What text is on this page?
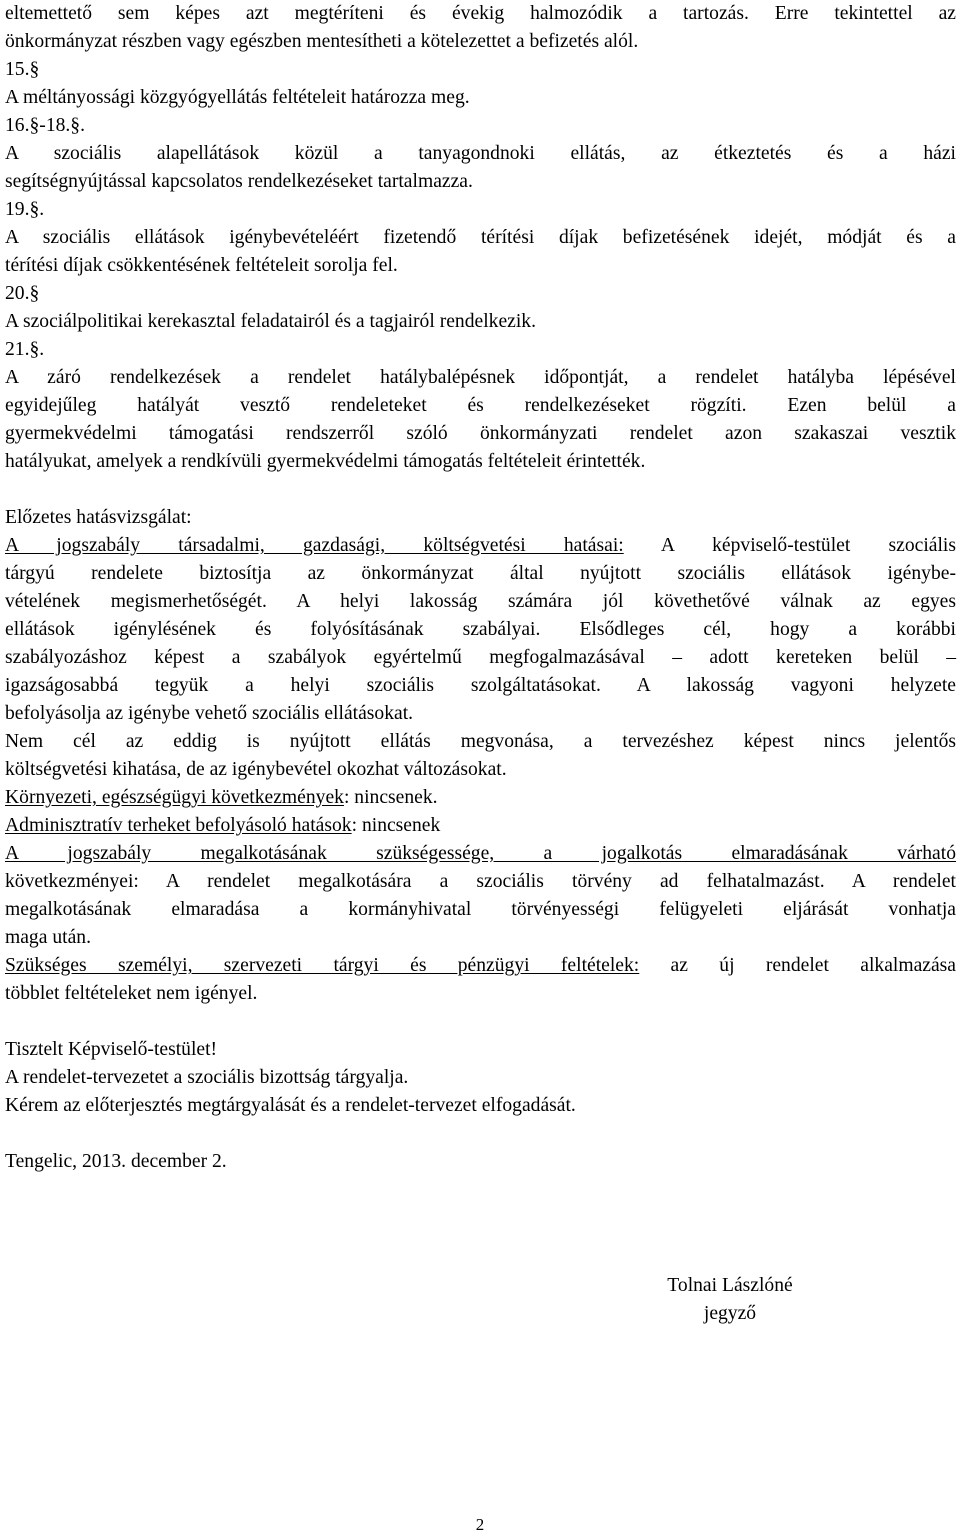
eltemettető sem képes azt megtéríteni és évekig halmozódik a tartozás. Erre tekintettel az
önkormányzat részben vagy egészben mentesítheti a kötelezettet a befizetés alól.
15.§
A méltányossági közgyógyellátás feltételeit határozza meg.
16.§-18.§.
A szociális alapellátások közül a tanyagondnoki ellátás, az étkeztetés és a házi
segítségnyújtással kapcsolatos rendelkezéseket tartalmazza.
19.§.
A szociális ellátások igénybevételéért fizetendő térítési díjak befizetésének idejét, módját és a
térítési díjak csökkentésének feltételeit sorolja fel.
20.§
A szociálpolitikai kerekasztal feladatairól és a tagjairól rendelkezik.
21.§.
A záró rendelkezések a rendelet hatálybalépésnek időpontját, a rendelet hatályba lépésével
egyidejűleg hatályát vesztő rendeleteket és rendelkezéseket rögzíti. Ezen belül a
gyermekvédelmi támogatási rendszerről szóló önkormányzati rendelet azon szakaszai vesztik
hatályukat, amelyek a rendkívüli gyermekvédelmi támogatás feltételeit érintették.
Előzetes hatásvizsgálat:
A jogszabály társadalmi, gazdasági, költségvetési hatásai: A képviselő-testület szociális
tárgyú rendelete biztosítja az önkormányzat által nyújtott szociális ellátások igénybe-
vételének megismerhetőségét. A helyi lakosság számára jól követhetővé válnak az egyes
ellátások igénylésének és folyósításának szabályai. Elsődleges cél, hogy a korábbi
szabályozáshoz képest a szabályok egyértelmű megfogalmazásával – adott kereteken belül –
igazságosabbá tegyük a helyi szociális szolgáltatásokat. A lakosság vagyoni helyzete
befolyásolja az igénybe vehető szociális ellátásokat.
Nem cél az eddig is nyújtott ellátás megvonása, a tervezéshez képest nincs jelentős
költségvetési kihatása, de az igénybevétel okozhat változásokat.
Környezeti, egészségügyi következmények: nincsenek.
Adminisztratív terheket befolyásoló hatások: nincsenek
A jogszabály megalkotásának szükségessége, a jogalkotás elmaradásának várható
következményei: A rendelet megalkotására a szociális törvény ad felhatalmazást. A rendelet
megalkotásának elmaradása a kormányhivatal törvényességi felügyeleti eljárását vonhatja
maga után.
Szükséges személyi, szervezeti tárgyi és pénzügyi feltételek: az új rendelet alkalmazása
többlet feltételeket nem igényel.
Tisztelt Képviselő-testület!
A rendelet-tervezetet a szociális bizottság tárgyalja.
Kérem az előterjesztés megtárgyalását és a rendelet-tervezet elfogadását.
Tengelic, 2013. december 2.
Tolnai Lászlóné
jegyző
2
